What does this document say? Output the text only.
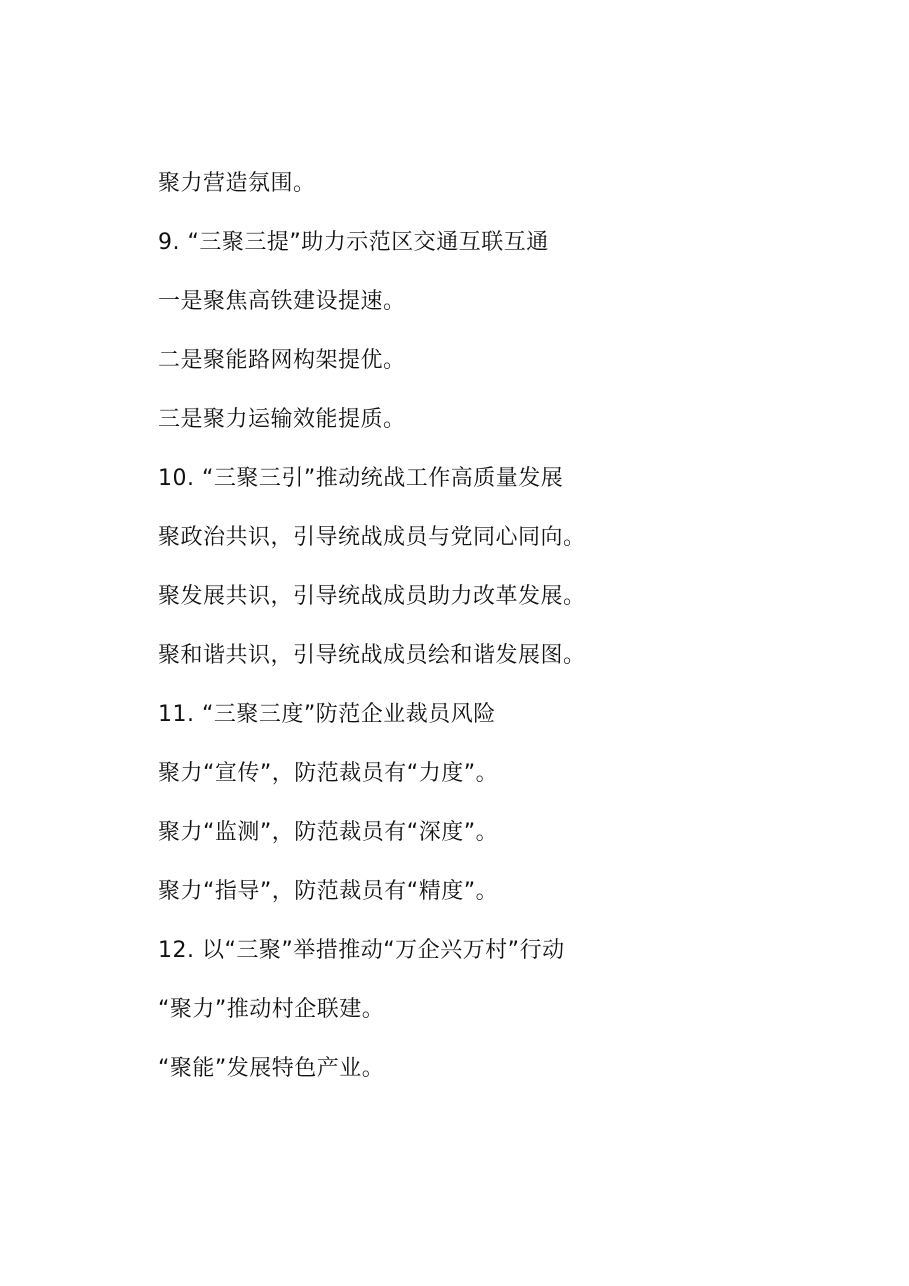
聚力营造氛围。
9. “三聚三提”助力示范区交通互联互通
一是聚焦高铁建设提速。
二是聚能路网构架提优。
三是聚力运输效能提质。
10. “三聚三引”推动统战工作高质量发展
聚政治共识，引导统战成员与党同心同向。
聚发展共识，引导统战成员助力改革发展。
聚和谐共识，引导统战成员绘和谐发展图。
11. “三聚三度”防范企业裁员风险
聚力“宣传”，防范裁员有“力度”。
聚力“监测”，防范裁员有“深度”。
聚力“指导”，防范裁员有“精度”。
12. 以“三聚”举措推动“万企兴万村”行动
“聚力”推动村企联建。
“聚能”发展特色产业。
